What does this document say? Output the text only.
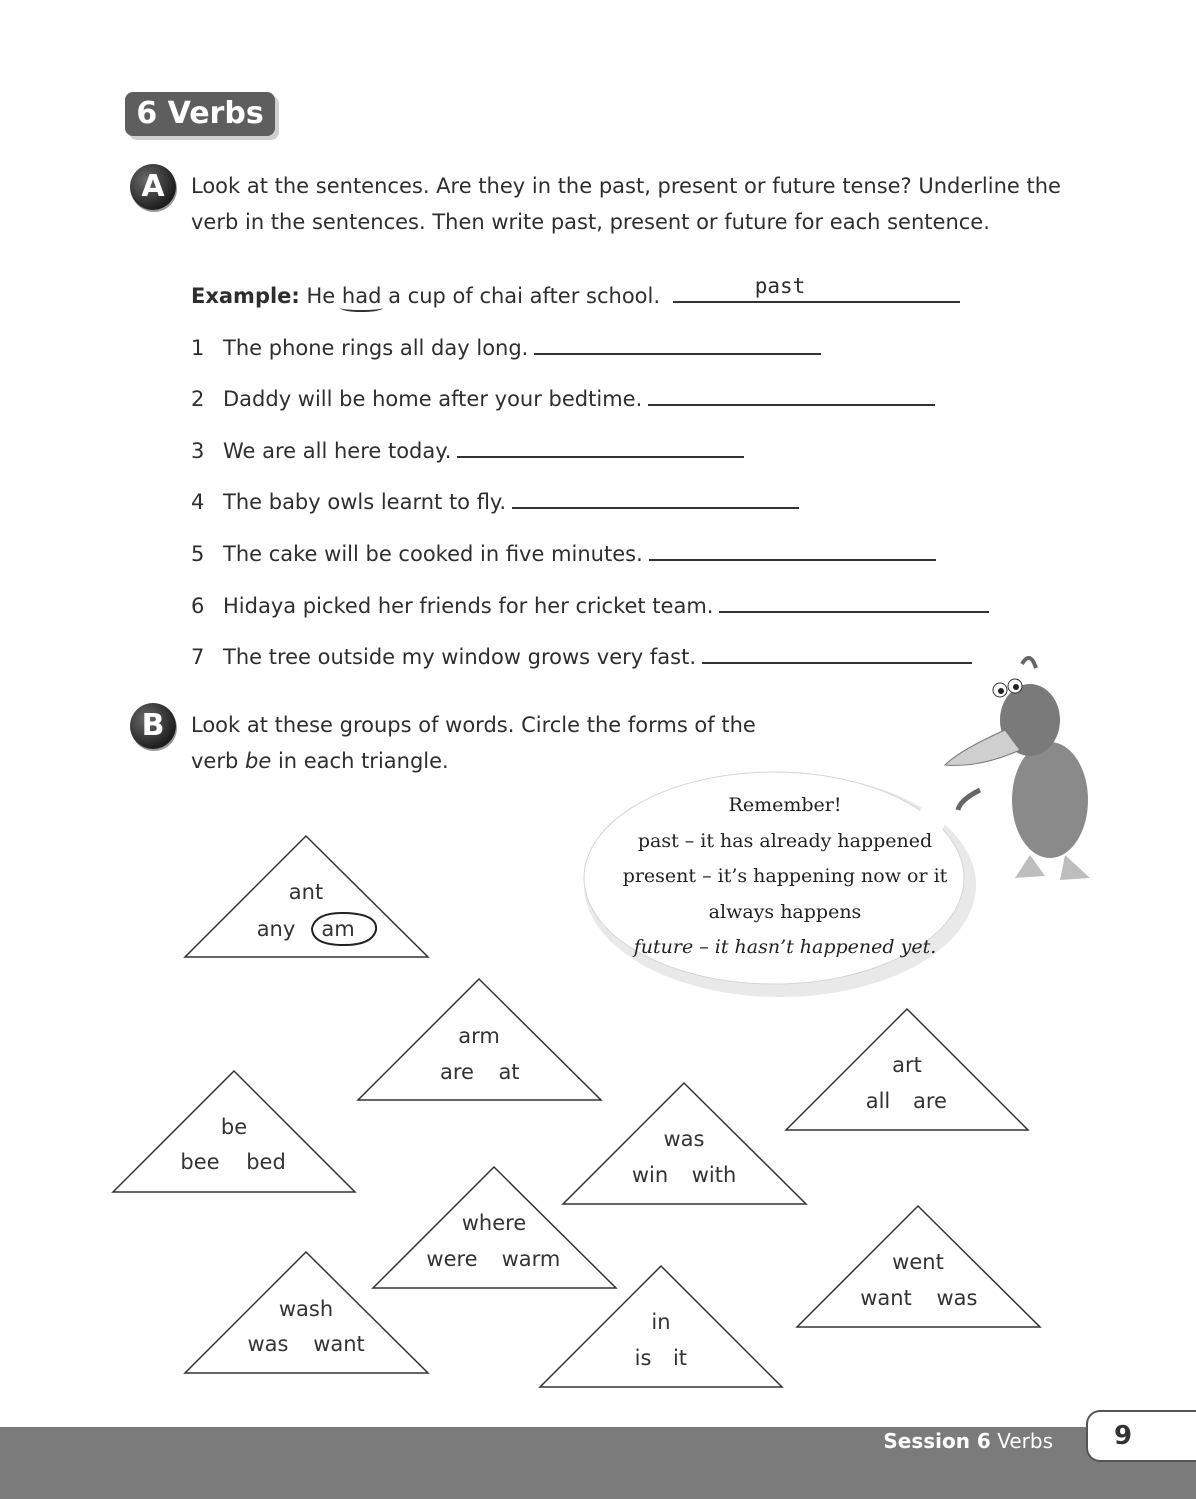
6 Verbs
A	Look at the sentences. Are they in the past, present or future tense? Underline the verb in the sentences. Then write past, present or future for each sentence.
Example: He had a cup of chai after school.	past
1 The phone rings all day long.
2 Daddy will be home after your bedtime.
3 We are all here today.
4 The baby owls learnt to fly.
5 The cake will be cooked in five minutes.
6 Hidaya picked her friends for her cricket team.
7 The tree outside my window grows very fast.
B	Look at these groups of words. Circle the forms of the verb be in each triangle.
Remember!
past – it has already happened
present – it’s happening now or it
always happens
future – it hasn’t happened yet.
ant
any am
arm
are at	art
all are
be
bee bed
was
win with
where
were warm	went
want was
wash
was want
in
is it
Session 6 Verbs	9
